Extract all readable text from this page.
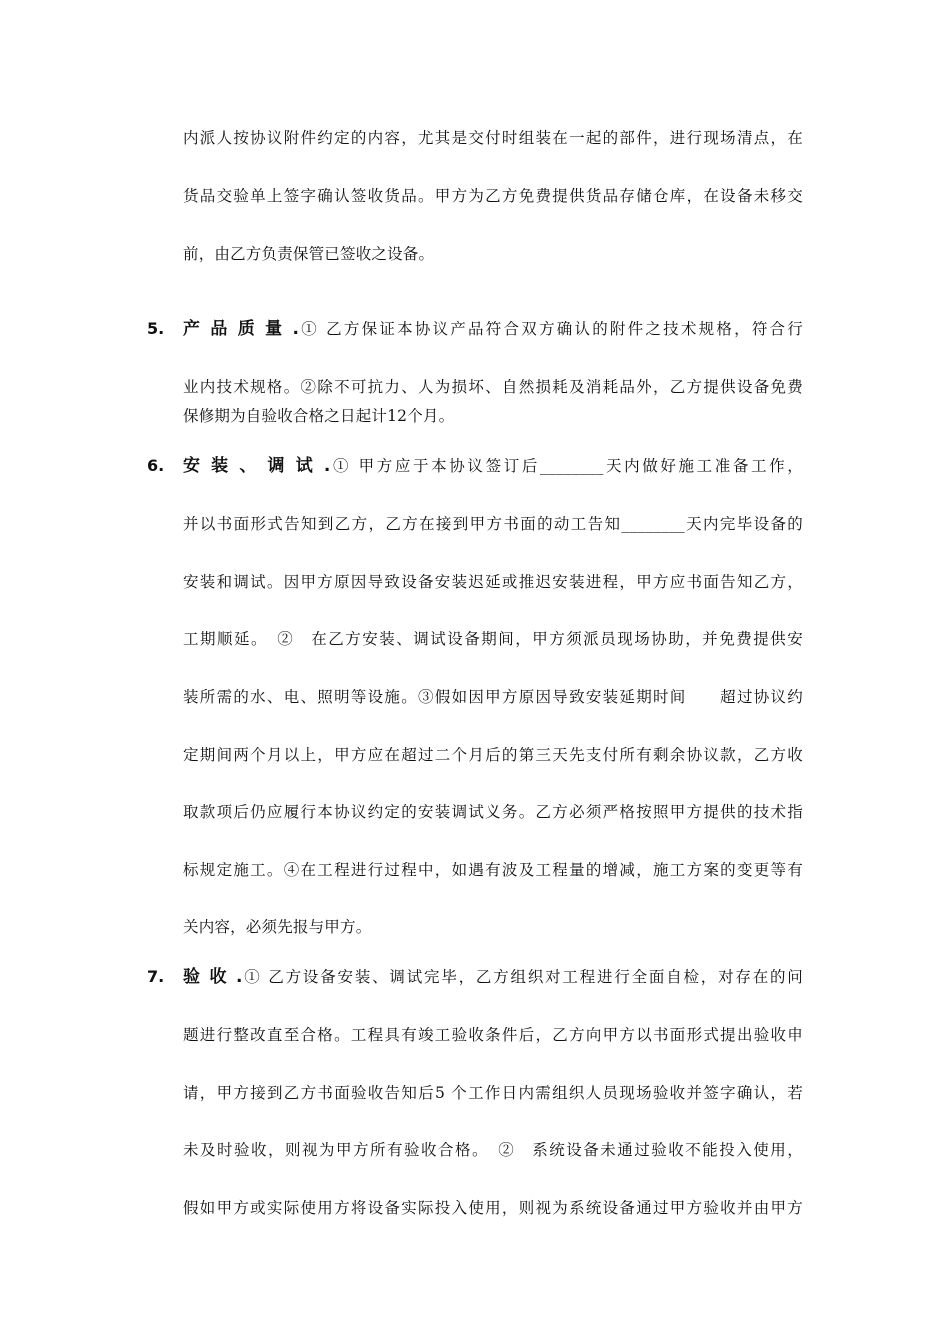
内派人按协议附件约定的内容，尤其是交付时组装在一起的部件，进行现场清点，在
货品交验单上签字确认签收货品。甲方为乙方免费提供货品存储仓库，在设备未移交
前，由乙方负责保管已签收之设备。
5. 产 品 质 量 .① 乙方保证本协议产品符合双方确认的附件之技术规格，符合行
业内技术规格。②除不可抗力、人为损坏、自然损耗及消耗品外，乙方提供设备免费
保修期为自验收合格之日起计12个月。
6. 安 装 、 调 试 .① 甲方应于本协议签订后________天内做好施工准备工作，
并以书面形式告知到乙方，乙方在接到甲方书面的动工告知________天内完毕设备的
安装和调试。因甲方原因导致设备安装迟延或推迟安装进程，甲方应书面告知乙方，
工期顺延。　②　在乙方安装、调试设备期间，甲方须派员现场协助，并免费提供安
装所需的水、电、照明等设施。③假如因甲方原因导致安装延期时间　　超过协议约
定期间两个月以上，甲方应在超过二个月后的第三天先支付所有剩余协议款，乙方收
取款项后仍应履行本协议约定的安装调试义务。乙方必须严格按照甲方提供的技术指
标规定施工。④在工程进行过程中，如遇有波及工程量的增减，施工方案的变更等有
关内容，必须先报与甲方。
7. 验 收 .① 乙方设备安装、调试完毕，乙方组织对工程进行全面自检，对存在的问
题进行整改直至合格。工程具有竣工验收条件后，乙方向甲方以书面形式提出验收申
请，甲方接到乙方书面验收告知后5 个工作日内需组织人员现场验收并签字确认，若
未及时验收，则视为甲方所有验收合格。　②　系统设备未通过验收不能投入使用，
假如甲方或实际使用方将设备实际投入使用，则视为系统设备通过甲方验收并由甲方
